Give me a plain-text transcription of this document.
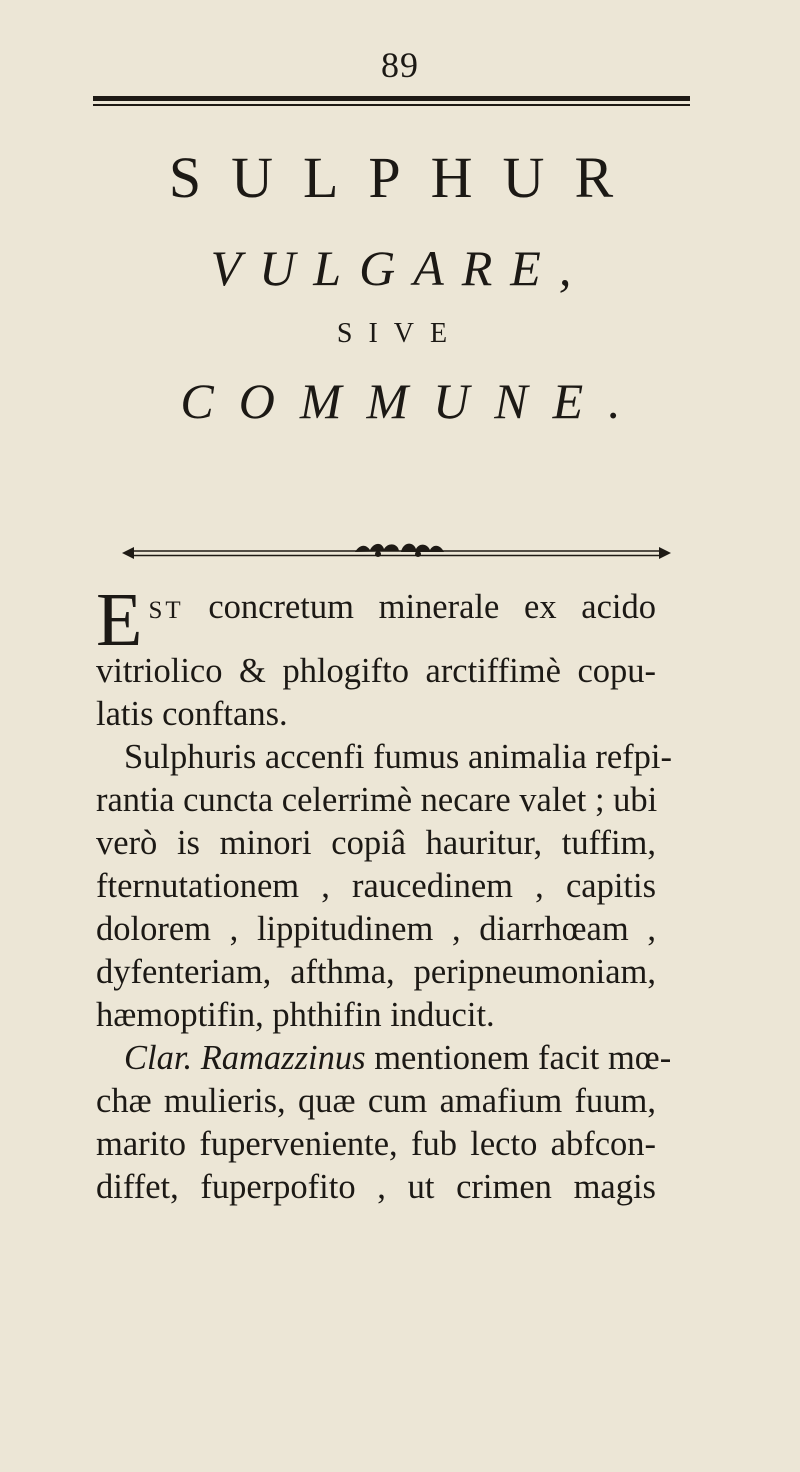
89
SULPHUR
VULGARE,
SIVE
COMMUNE.
E ST concretum minerale ex acido
vitriolico & phlogifto arctiffimè copu-
latis conftans.
Sulphuris accenfi fumus animalia refpi-
rantia cuncta celerrimè necare valet ; ubi
verò is minori copiâ hauritur, tuffim,
fternutationem , raucedinem , capitis
dolorem , lippitudinem , diarrhœam ,
dyfenteriam, afthma, peripneumoniam,
hæmoptifin, phthifin inducit.
Clar. Ramazzinus mentionem facit mœ-
chæ mulieris, quæ cum amafium fuum,
marito fuperveniente, fub lecto abfcon-
diffet, fuperpofito , ut crimen magis
